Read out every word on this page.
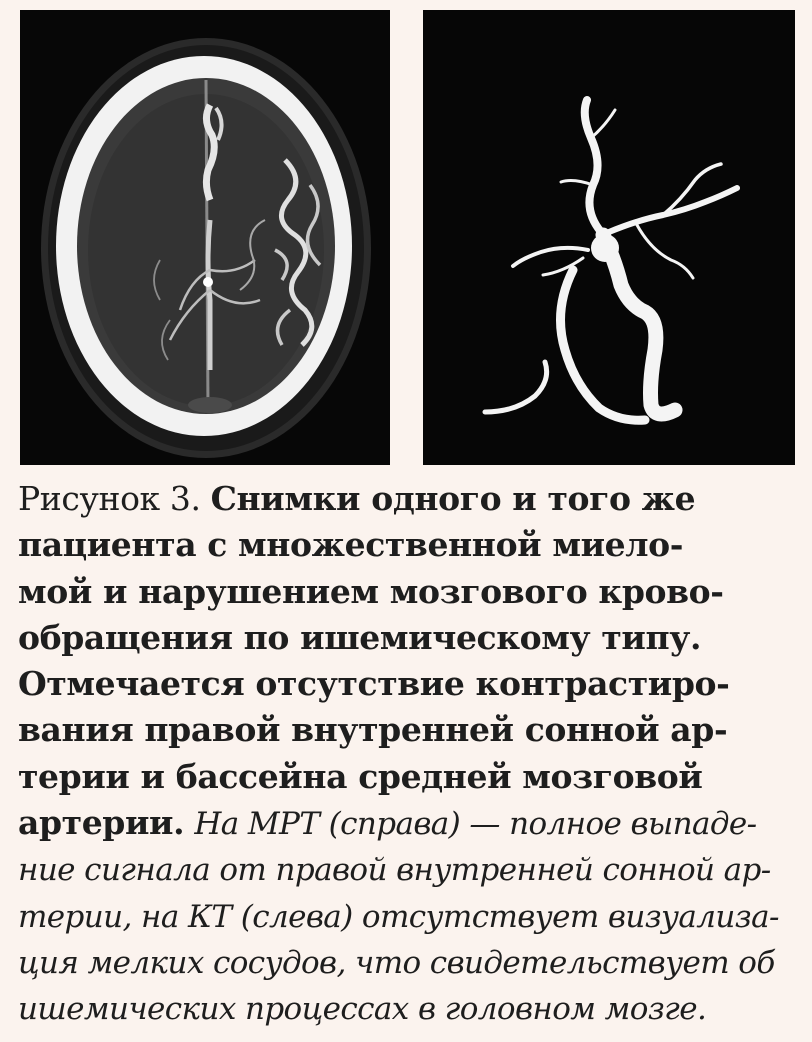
Рисунок 3. Снимки одного и того же
пациента с множественной миело-
мой и нарушением мозгового крово-
обращения по ишемическому типу.
Отмечается отсутствие контрастиро-
вания правой внутренней сонной ар-
терии и бассейна средней мозговой
артерии. На МРТ (справа) — полное выпаде-
ние сигнала от правой внутренней сонной ар-
терии, на КТ (слева) отсутствует визуализа-
ция мелких сосудов, что свидетельствует об
ишемических процессах в головном мозге.
